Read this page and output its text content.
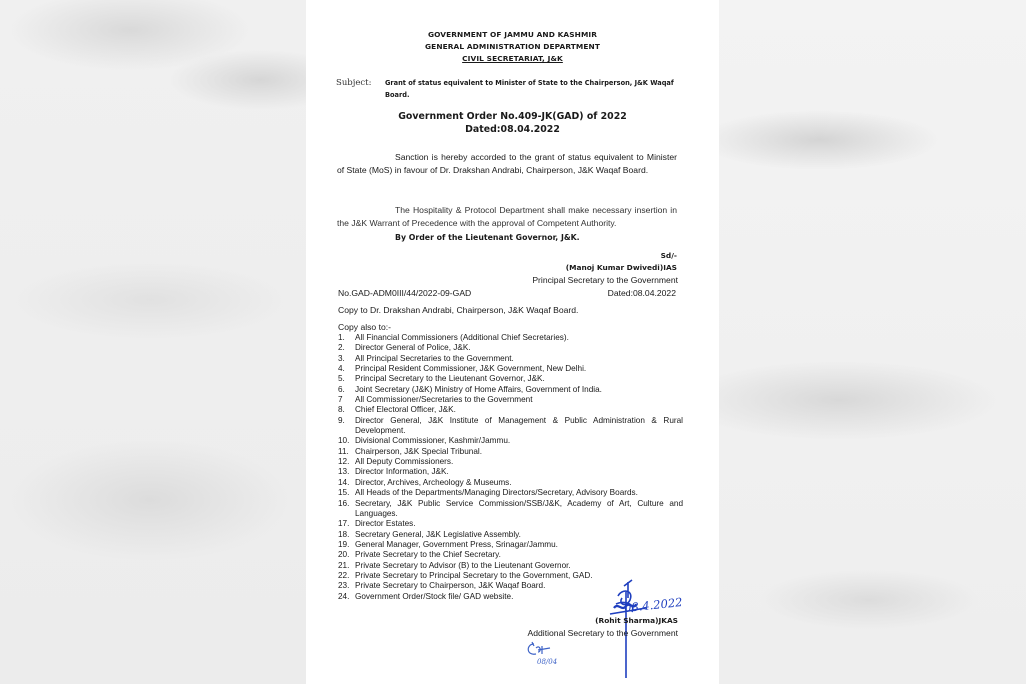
GOVERNMENT OF JAMMU AND KASHMIR
GENERAL ADMINISTRATION DEPARTMENT
CIVIL SECRETARIAT, J&K
Subject: Grant of status equivalent to Minister of State to the Chairperson, J&K Waqaf Board.
Government Order No.409-JK(GAD) of 2022
Dated:08.04.2022
Sanction is hereby accorded to the grant of status equivalent to Minister of State (MoS) in favour of Dr. Drakshan Andrabi, Chairperson, J&K Waqaf Board.
The Hospitality & Protocol Department shall make necessary insertion in the J&K Warrant of Precedence with the approval of Competent Authority.
By Order of the Lieutenant Governor, J&K.
Sd/-
(Manoj Kumar Dwivedi)IAS
Principal Secretary to the Government
No.GAD-ADM0III/44/2022-09-GAD	Dated:08.04.2022
Copy to Dr. Drakshan Andrabi, Chairperson, J&K Waqaf Board.
Copy also to:-
1.	All Financial Commissioners (Additional Chief Secretaries).
2.	Director General of Police, J&K.
3.	All Principal Secretaries to the Government.
4.	Principal Resident Commissioner, J&K Government, New Delhi.
5.	Principal Secretary to the Lieutenant Governor, J&K.
6.	Joint Secretary (J&K) Ministry of Home Affairs, Government of India.
7	All Commissioner/Secretaries to the Government
8.	Chief Electoral Officer, J&K.
9.	Director General, J&K Institute of Management & Public Administration & Rural Development.
10. Divisional Commissioner, Kashmir/Jammu.
11. Chairperson, J&K Special Tribunal.
12. All Deputy Commissioners.
13. Director Information, J&K.
14. Director, Archives, Archeology & Museums.
15. All Heads of the Departments/Managing Directors/Secretary, Advisory Boards.
16. Secretary, J&K Public Service Commission/SSB/J&K, Academy of Art, Culture and Languages.
17. Director Estates.
18. Secretary General, J&K Legislative Assembly.
19. General Manager, Government Press, Srinagar/Jammu.
20. Private Secretary to the Chief Secretary.
21. Private Secretary to Advisor (B) to the Lieutenant Governor.
22. Private Secretary to Principal Secretary to the Government, GAD.
23. Private Secretary to Chairperson, J&K Waqaf Board.
24. Government Order/Stock file/ GAD website.	08.4.2022
(Rohit Sharma)JKAS
Additional Secretary to the Government
08/04
